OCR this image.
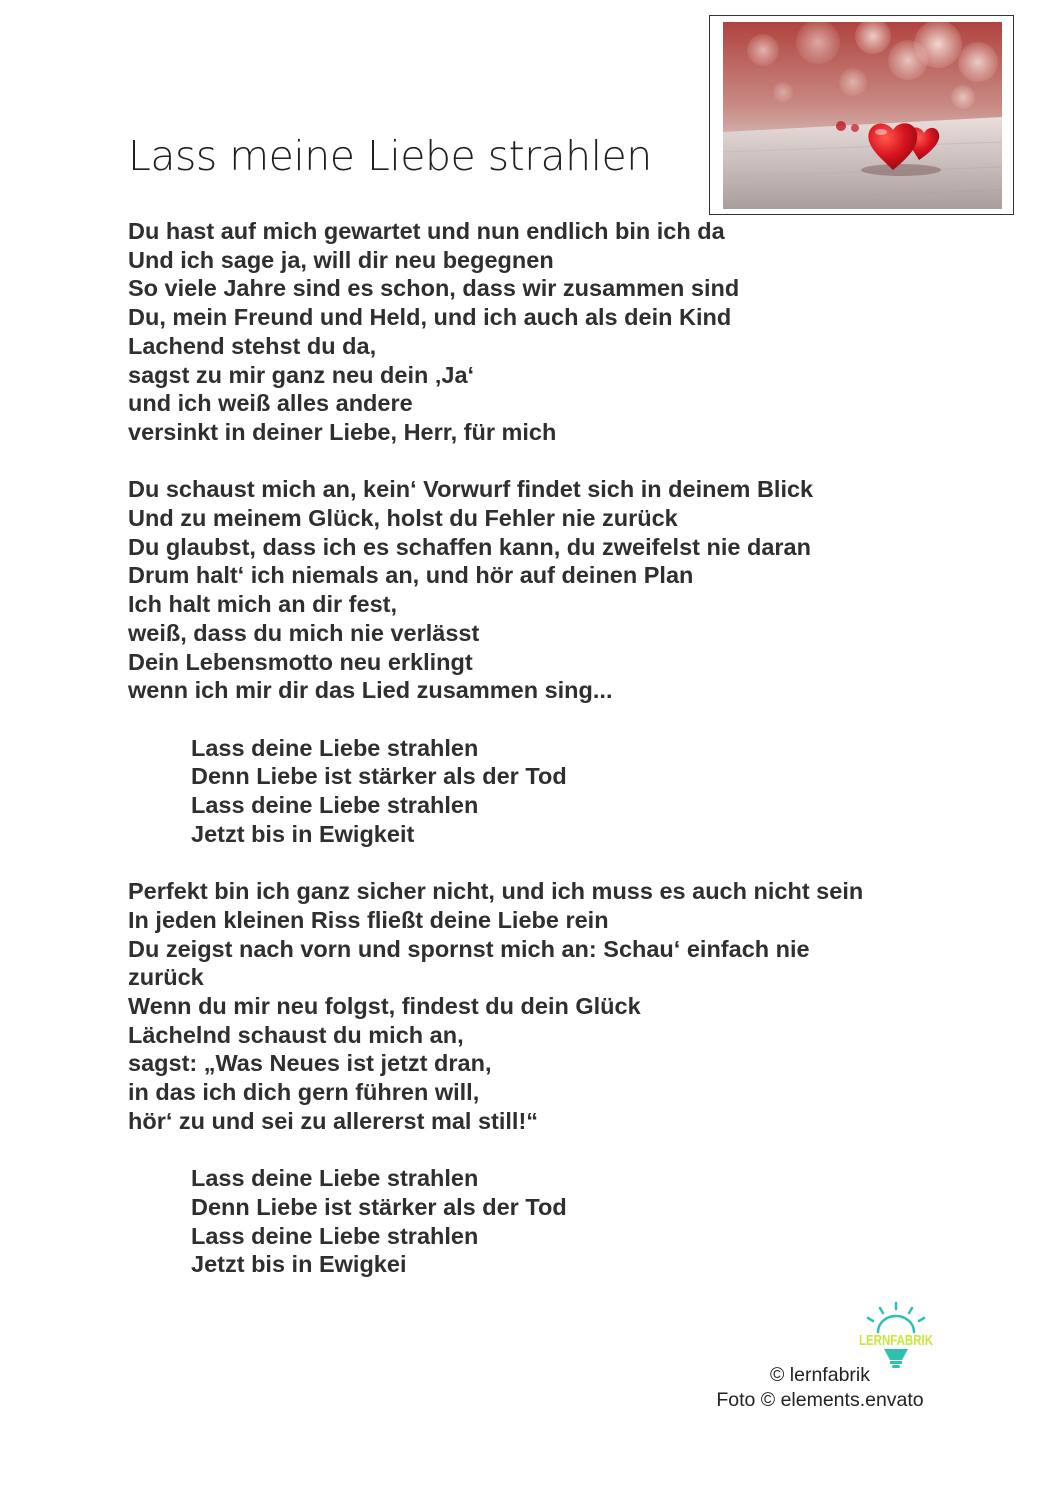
Lass meine Liebe strahlen
Du hast auf mich gewartet und nun endlich bin ich da
Und ich sage ja, will dir neu begegnen
So viele Jahre sind es schon, dass wir zusammen sind
Du, mein Freund und Held, und ich auch als dein Kind
Lachend stehst du da,
sagst zu mir ganz neu dein ‚Ja‘
und ich weiß alles andere
versinkt in deiner Liebe, Herr, für mich
Du schaust mich an, kein‘ Vorwurf findet sich in deinem Blick
Und zu meinem Glück, holst du Fehler nie zurück
Du glaubst, dass ich es schaffen kann, du zweifelst nie daran
Drum halt‘ ich niemals an, und hör auf deinen Plan
Ich halt mich an dir fest,
weiß, dass du mich nie verlässt
Dein Lebensmotto neu erklingt
wenn ich mir dir das Lied zusammen sing...
Lass deine Liebe strahlen
Denn Liebe ist stärker als der Tod
Lass deine Liebe strahlen
Jetzt bis in Ewigkeit
Perfekt bin ich ganz sicher nicht, und ich muss es auch nicht sein
In jeden kleinen Riss fließt deine Liebe rein
Du zeigst nach vorn und spornst mich an: Schau‘ einfach nie
zurück
Wenn du mir neu folgst, findest du dein Glück
Lächelnd schaust du mich an,
sagst: „Was Neues ist jetzt dran,
in das ich dich gern führen will,
hör‘ zu und sei zu allererst mal still!“
Lass deine Liebe strahlen
Denn Liebe ist stärker als der Tod
Lass deine Liebe strahlen
Jetzt bis in Ewigkei
LERNFABRIK
© lernfabrik
Foto © elements.envato
